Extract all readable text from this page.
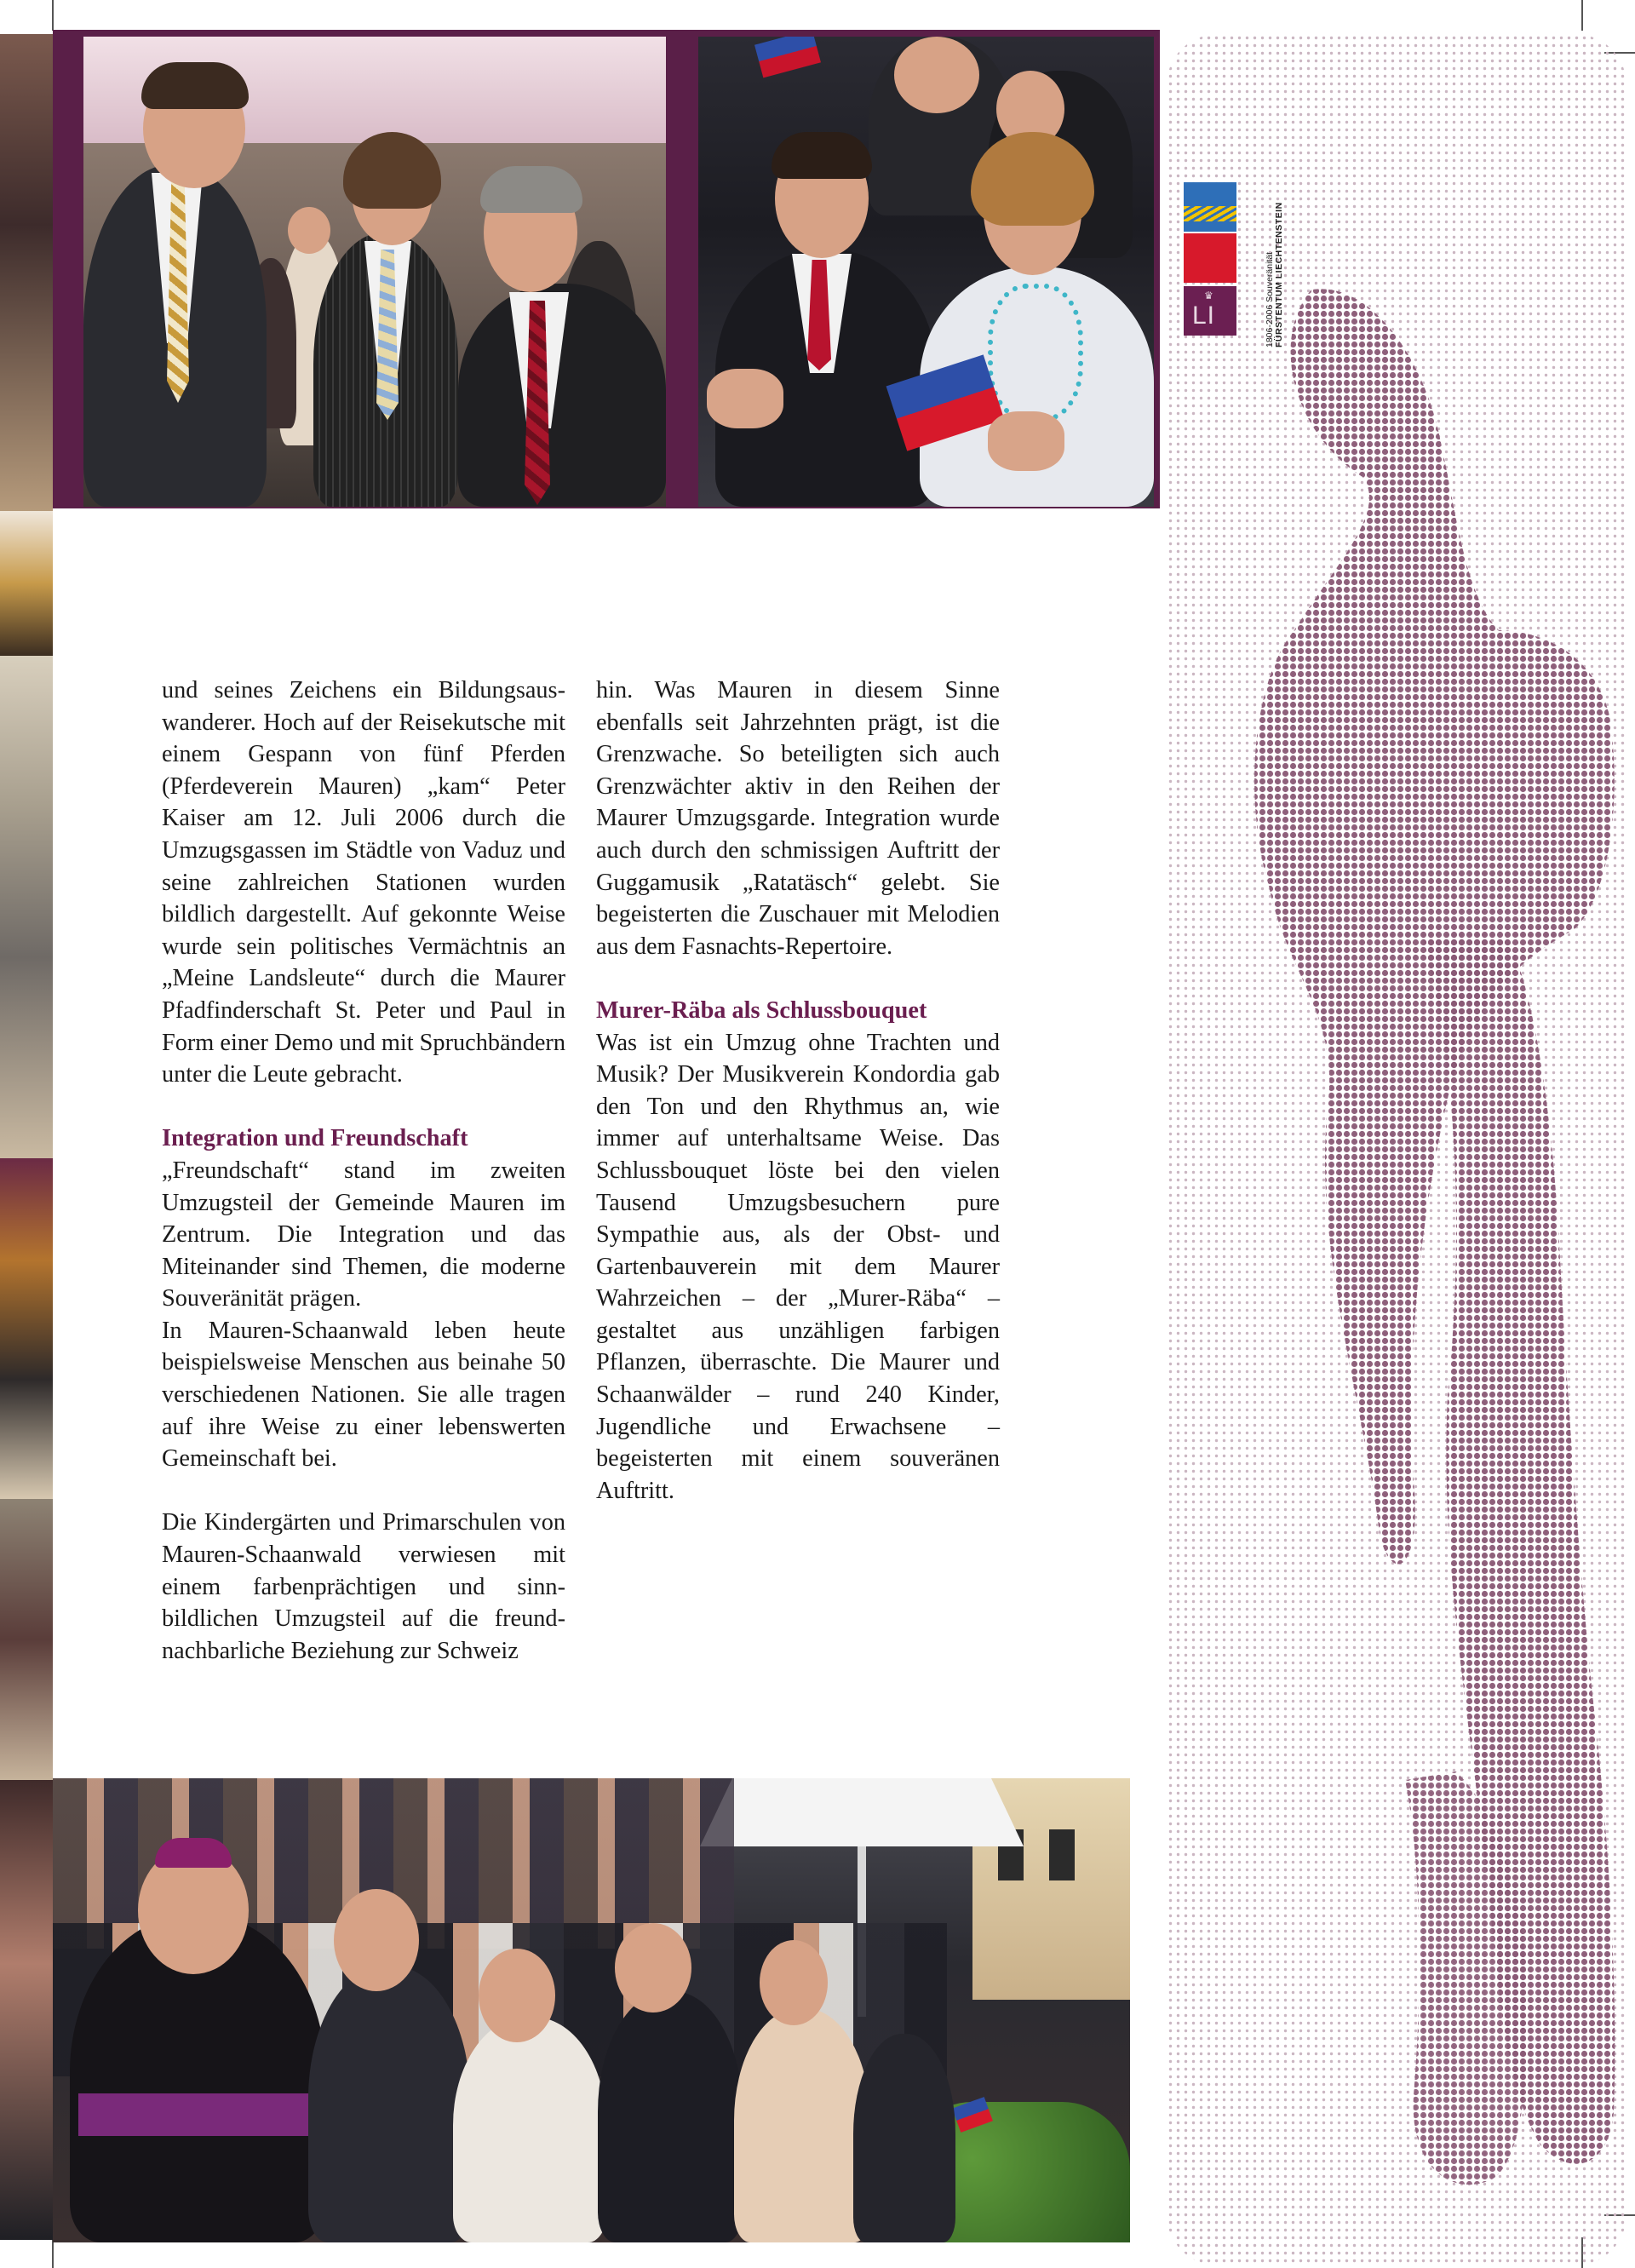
♛
LI	1806-2006 Souveränität FÜRSTENTUM LIECHTENSTEIN

und seines Zeichens ein Bildungsauswanderer. Hoch auf der Reisekutsche mit einem Gespann von fünf Pferden (Pferdeverein Mauren) „kam“ Peter Kaiser am 12. Juli 2006 durch die Umzugsgassen im Städtle von Vaduz und seine zahlreichen Stationen wurden bildlich dargestellt. Auf gekonnte Weise wurde sein politisches Vermächtnis an „Meine Landsleute“ durch die Maurer Pfadfinderschaft St. Peter und Paul in Form einer Demo und mit Spruchbändern unter die Leute gebracht.

Integration und Freundschaft

„Freundschaft“ stand im zweiten Umzugsteil der Gemeinde Mauren im Zentrum. Die Integration und das Miteinander sind Themen, die moderne Souveränität prägen.

In Mauren-Schaanwald leben heute beispielsweise Menschen aus beinahe 50 verschiedenen Nationen. Sie alle tragen auf ihre Weise zu einer lebenswerten Gemeinschaft bei.

Die Kindergärten und Primarschulen von Mauren-Schaanwald verwiesen mit einem farbenprächtigen und sinnbildlichen Umzugsteil auf die freundnachbarliche Beziehung zur Schweiz

hin. Was Mauren in diesem Sinne ebenfalls seit Jahrzehnten prägt, ist die Grenzwache. So beteiligten sich auch Grenzwächter aktiv in den Reihen der Maurer Umzugsgarde. Integration wurde auch durch den schmissigen Auftritt der Guggamusik „Ratatäsch“ gelebt. Sie begeisterten die Zuschauer mit Melodien aus dem Fasnachts-Repertoire.

Murer-Räba als Schlussbouquet

Was ist ein Umzug ohne Trachten und Musik? Der Musikverein Kondordia gab den Ton und den Rhythmus an, wie immer auf unterhaltsame Weise. Das Schlussbouquet löste bei den vielen Tausend Umzugsbesuchern pure Sympathie aus, als der Obst- und Gartenbauverein mit dem Maurer Wahrzeichen – der „Murer-Räba“ – gestaltet aus unzähligen farbigen Pflanzen, überraschte. Die Maurer und Schaanwälder – rund 240 Kinder, Jugendliche und Erwachsene – begeisterten mit einem souveränen Auftritt.
